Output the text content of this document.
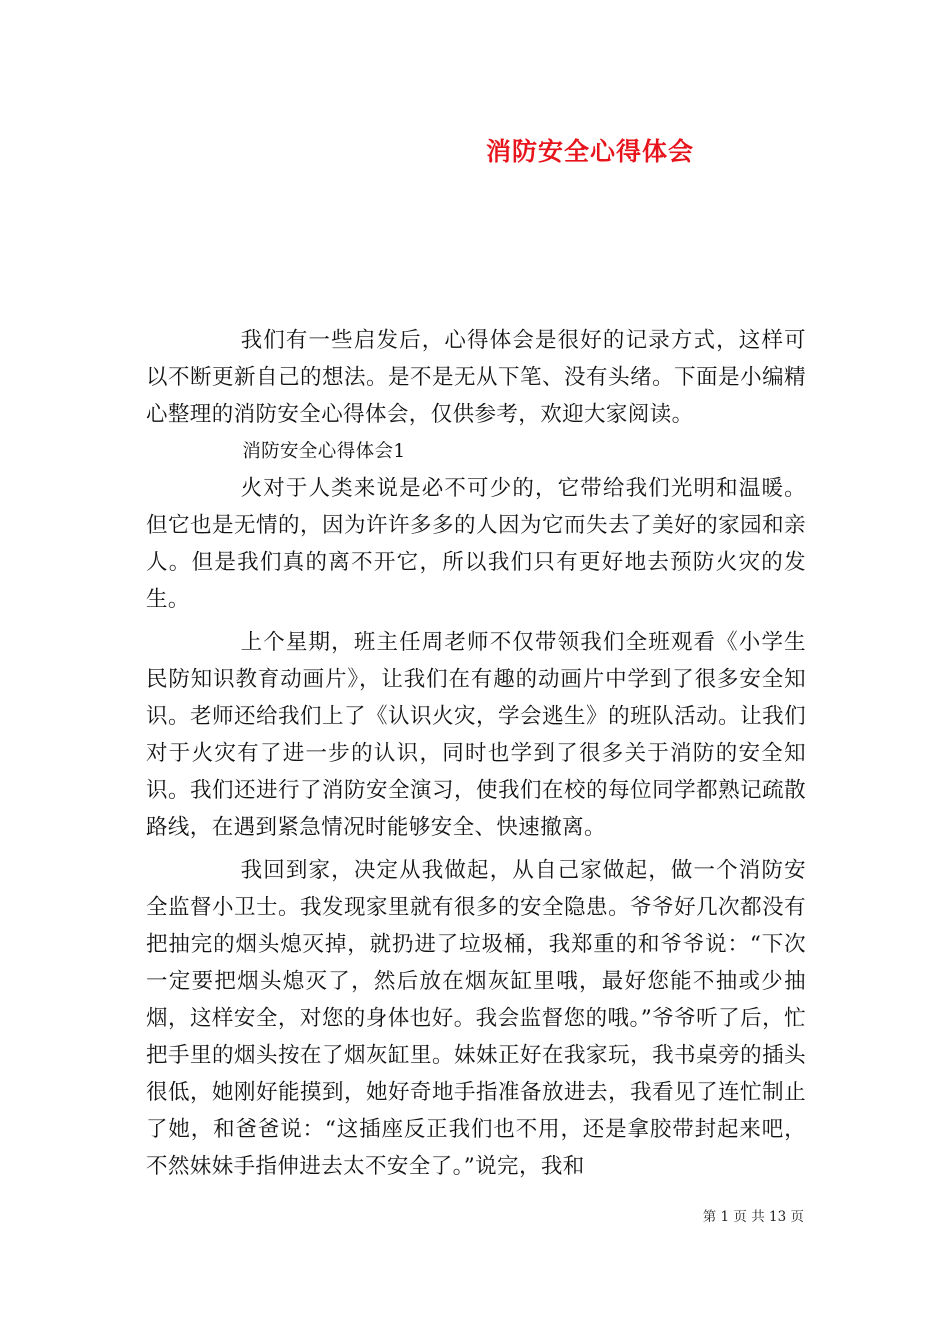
消防安全心得体会

我们有一些启发后，心得体会是很好的记录方式，这样可以不断更新自己的想法。是不是无从下笔、没有头绪。下面是小编精心整理的消防安全心得体会，仅供参考，欢迎大家阅读。

消防安全心得体会1

火对于人类来说是必不可少的，它带给我们光明和温暖。但它也是无情的，因为许许多多的人因为它而失去了美好的家园和亲人。但是我们真的离不开它，所以我们只有更好地去预防火灾的发生。

上个星期，班主任周老师不仅带领我们全班观看《小学生民防知识教育动画片》，让我们在有趣的动画片中学到了很多安全知识。老师还给我们上了《认识火灾，学会逃生》的班队活动。让我们对于火灾有了进一步的认识，同时也学到了很多关于消防的安全知识。我们还进行了消防安全演习，使我们在校的每位同学都熟记疏散路线，在遇到紧急情况时能够安全、快速撤离。

我回到家，决定从我做起，从自己家做起，做一个消防安全监督小卫士。我发现家里就有很多的安全隐患。爷爷好几次都没有把抽完的烟头熄灭掉，就扔进了垃圾桶，我郑重的和爷爷说：“下次一定要把烟头熄灭了，然后放在烟灰缸里哦，最好您能不抽或少抽烟，这样安全，对您的身体也好。我会监督您的哦。”爷爷听了后，忙把手里的烟头按在了烟灰缸里。妹妹正好在我家玩，我书桌旁的插头很低，她刚好能摸到，她好奇地手指准备放进去，我看见了连忙制止了她，和爸爸说：“这插座反正我们也不用，还是拿胶带封起来吧，不然妹妹手指伸进去太不安全了。”说完，我和

第 1 页 共 13 页
